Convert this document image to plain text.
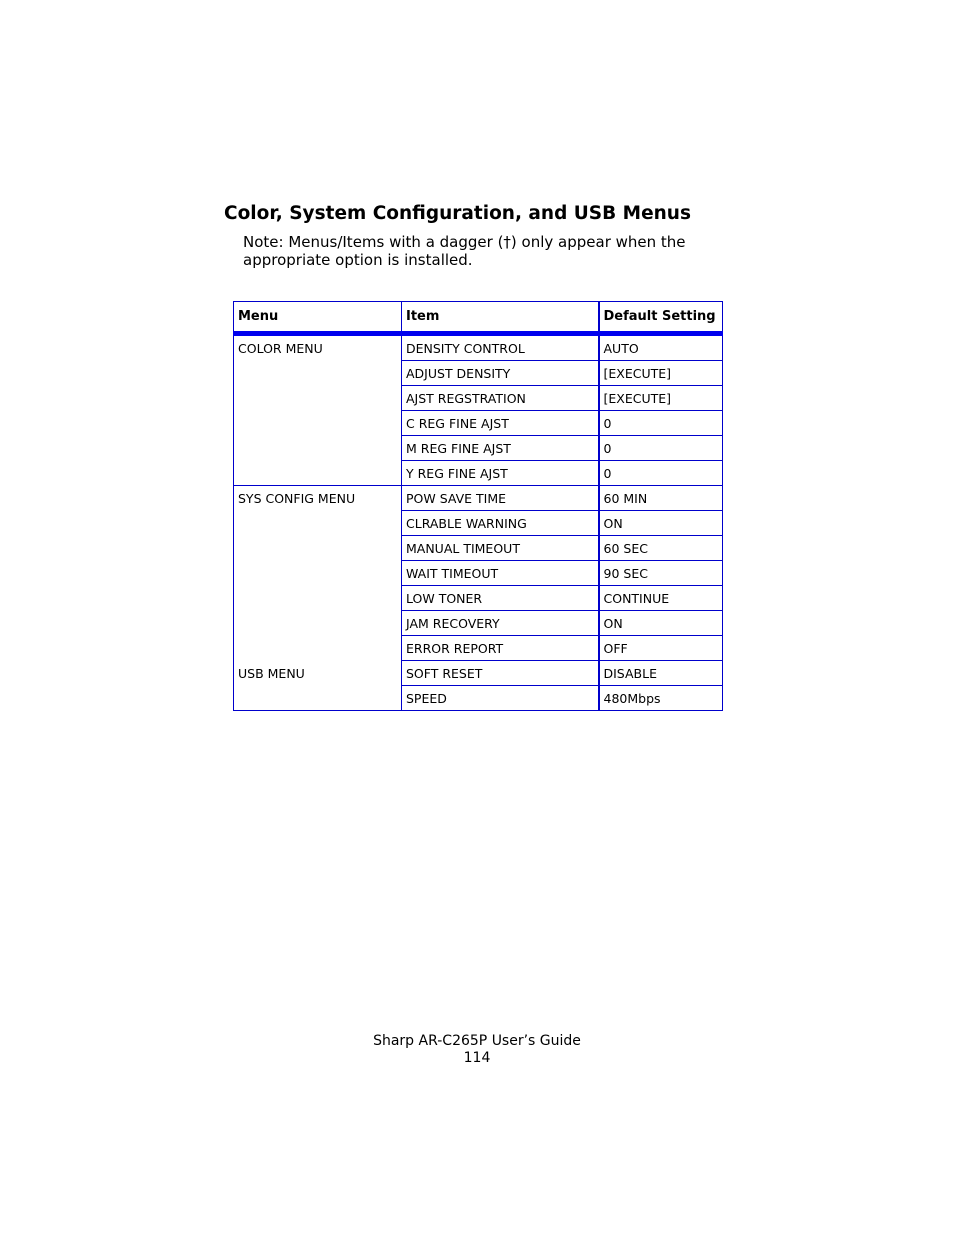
Color, System Configuration, and USB Menus
Note: Menus/Items with a dagger (†) only appear when the
appropriate option is installed.
Menu	Item	Default Setting
COLOR MENU	DENSITY CONTROL	AUTO
	ADJUST DENSITY	[EXECUTE]
	AJST REGSTRATION	[EXECUTE]
	C REG FINE AJST	0
	M REG FINE AJST	0
	Y REG FINE AJST	0
SYS CONFIG MENU	POW SAVE TIME	60 MIN
	CLRABLE WARNING	ON
	MANUAL TIMEOUT	60 SEC
	WAIT TIMEOUT	90 SEC
	LOW TONER	CONTINUE
	JAM RECOVERY	ON
	ERROR REPORT	OFF
USB MENU	SOFT RESET	DISABLE
	SPEED	480Mbps
Sharp AR-C265P User’s Guide
114
